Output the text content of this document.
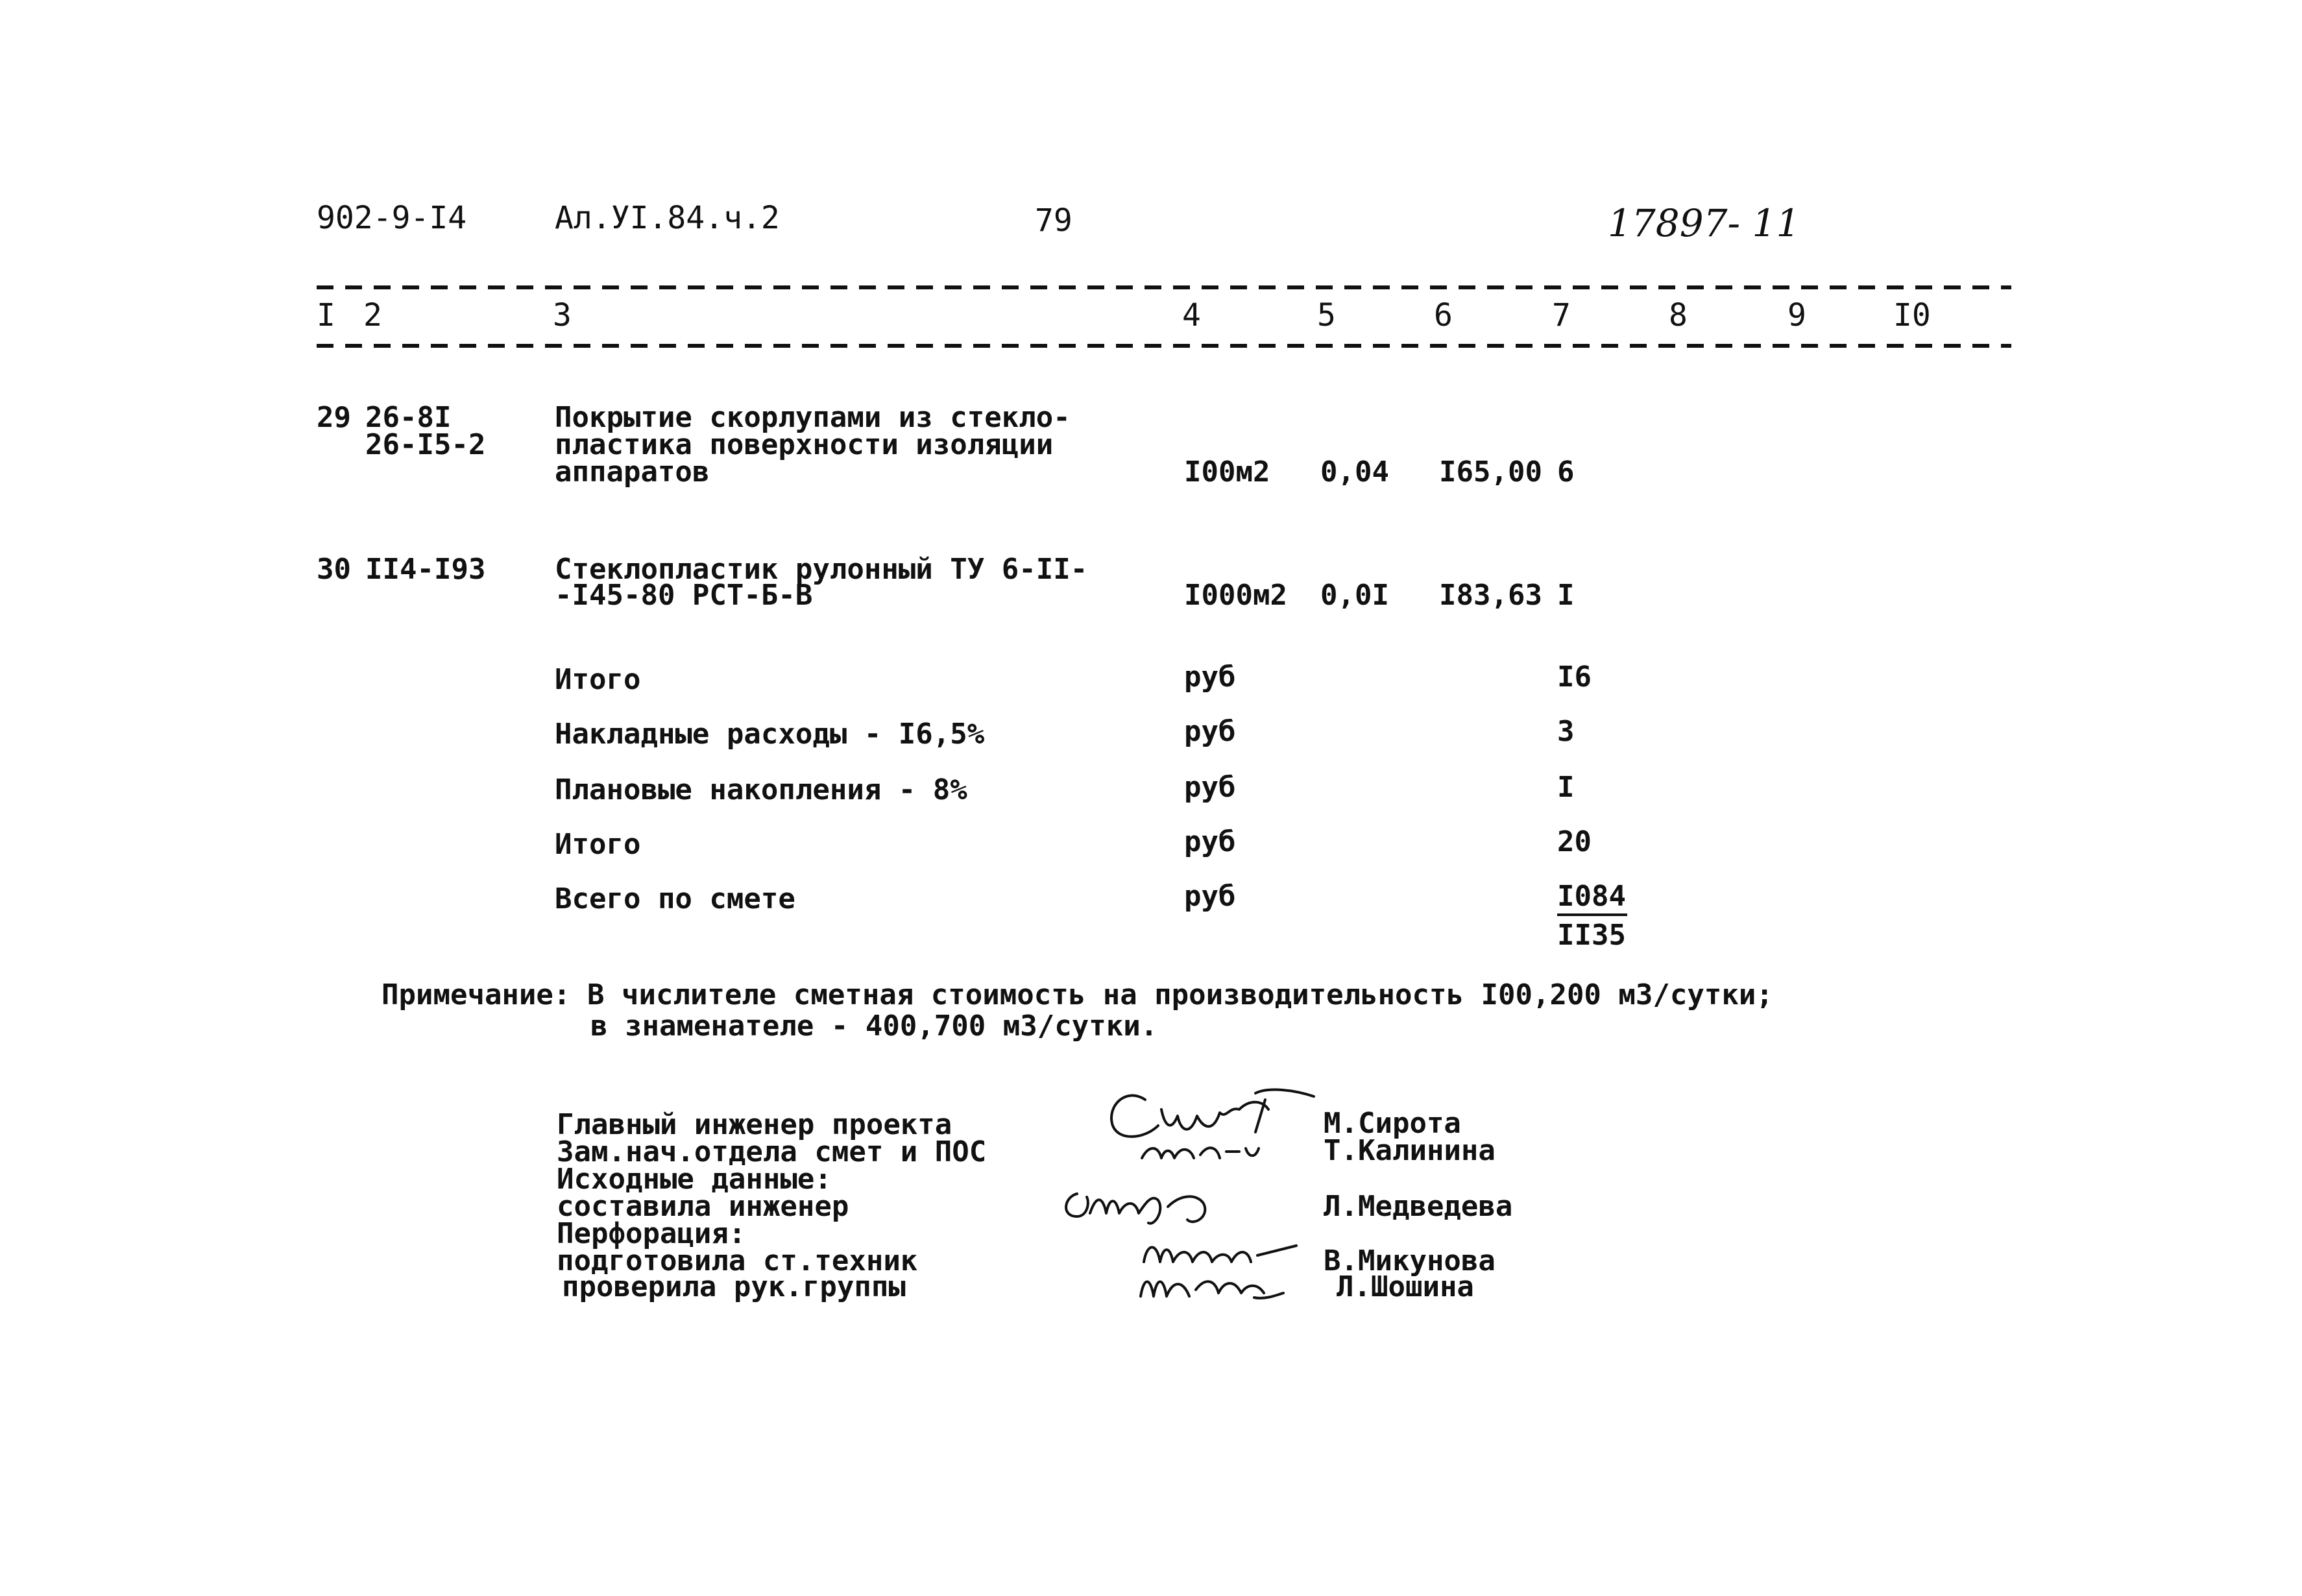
902-9-I4	Ал.УI.84.ч.2	79	17897- 11
I 2	3	4	5	6	7	8	9	I0
29 26-8I
26-I5-2
Покрытие скорлупами из стекло-
пластика поверхности изоляции
аппаратов	I00м2 0,04 I65,00 6
30 II4-I93 Стеклопластик рулонный ТУ 6-II-
-I45-80 РСТ-Б-В	I000м2 0,0I I83,63 I
Итого	руб	I6
Накладные расходы - I6,5%	руб	3
Плановые накопления - 8%	руб	I
Итого	руб	20
Всего по смете	руб	I084
II35
Примечание: В числителе сметная стоимость на производительность I00,200 м3/сутки;
в знаменателе - 400,700 м3/сутки.
Главный инженер проекта
Зам.нач.отдела смет и ПОС
Исходные данные:
составила инженер
Перфорация:
подготовила ст.техник
проверила рук.группы
М.Сирота
Т.Калинина
Л.Медведева
В.Микунова
Л.Шошина
